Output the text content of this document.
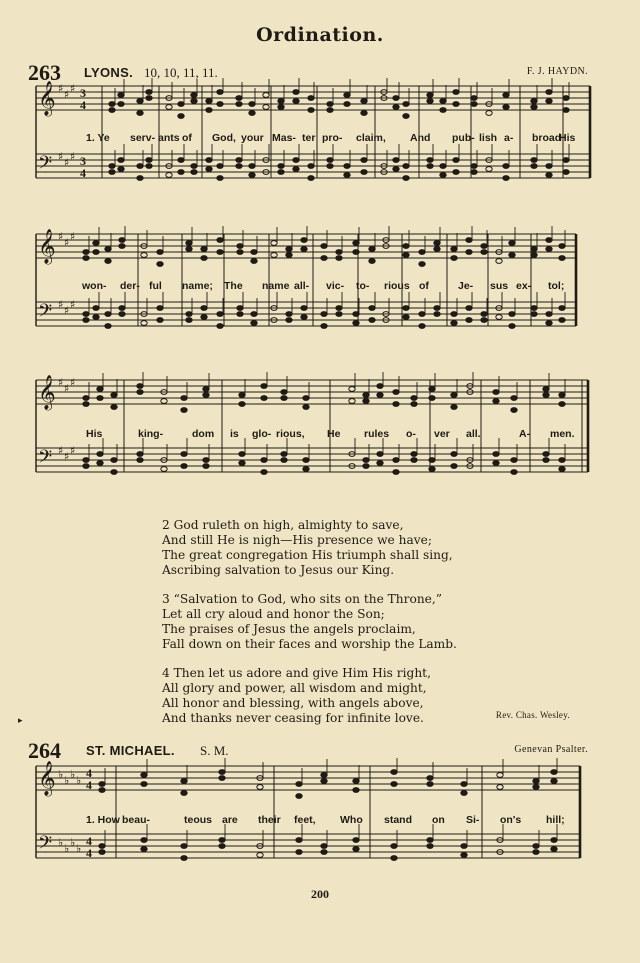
Ordination.
263 LYONS. 10, 10, 11, 11.	F. J. HAYDN.
𝄞 ♯ ♯ ♯ 3
4
𝄢 ♯ ♯ ♯ 3
4
1. Ye serv- ants of God, your Mas- ter pro- claim, And pub- lish a- broad
His
𝄞 ♯ ♯ ♯
𝄢 ♯ ♯ ♯
won- der- ful name; The name all- vic- to- rious of	Je- sus ex- tol;
𝄞 ♯ ♯ ♯
𝄢 ♯ ♯ ♯
His	king-	dom is glo- rious, He rules o- ver all.	A- men.
2 God ruleth on high, almighty to save,
And still He is nigh—His presence we have;
The great congregation His triumph shall sing,
Ascribing salvation to Jesus our King.
3 “Salvation to God, who sits on the Throne,”
Let all cry aloud and honor the Son;
The praises of Jesus the angels proclaim,
Fall down on their faces and worship the Lamb.
4 Then let us adore and give Him His right,
All glory and power, all wisdom and might,
All honor and blessing, with angels above,
And thanks never ceasing for infinite love.	Rev. Chas. Wesley.
▸
264 ST. MICHAEL. S. M.	Genevan Psalter.
𝄞 ♭ ♭ ♭ ♭
4
4
𝄢 ♭ ♭ ♭ ♭
4
4
1. How beau-	teous are their feet, Who stand on Si- on's hill;
200
